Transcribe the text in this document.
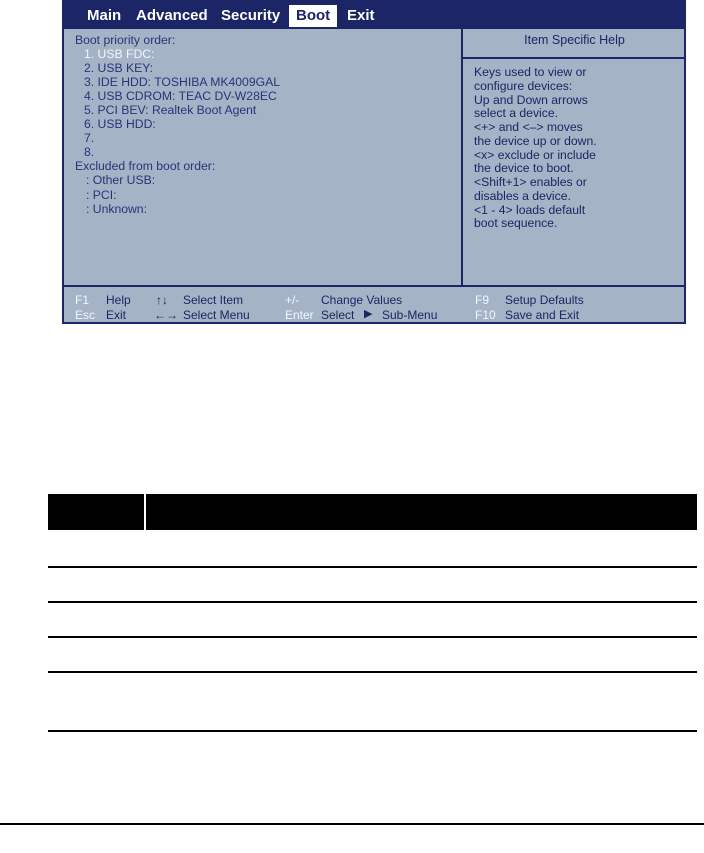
Main Advanced Security	Boot	Exit
Boot priority order:
1. USB FDC:
2. USB KEY:
3. IDE HDD: TOSHIBA MK4009GAL
4. USB CDROM: TEAC DV-W28EC
5. PCI BEV: Realtek Boot Agent
6. USB HDD:
7.
8.
Excluded from boot order:
: Other USB:
: PCI:
: Unknown:
Item Specific Help
Keys used to view or
configure devices:
Up and Down arrows
select a device.
<+> and <–> moves
the device up or down.
<x> exclude or include
the device to boot.
<Shift+1> enables or
disables a device.
<1 - 4> loads default
boot sequence.
F1 Help
Esc Exit
↑↓ Select Item
←→ Select Menu
+/- Change Values
Enter Select ▶ Sub-Menu
F9 Setup Defaults
F10 Save and Exit
